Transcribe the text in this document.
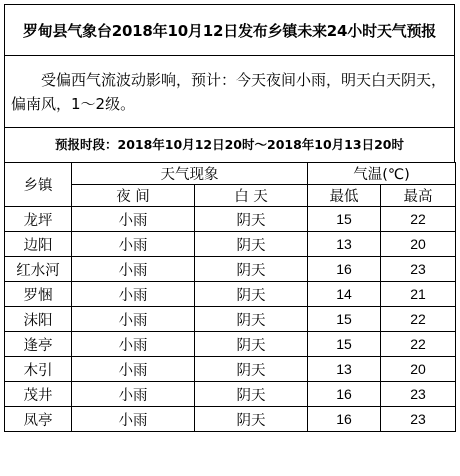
罗甸县气象台2018年10月12日发布乡镇未来24小时天气预报
受偏西气流波动影响，预计：今天夜间小雨，明天白天阴天，偏南风，1～2级。
预报时段：2018年10月12日20时～2018年10月13日20时
乡镇	天气现象		气温(℃)	
	夜 间	白 天	最低	最高
龙坪	小雨	阴天	15	22
边阳	小雨	阴天	13	20
红水河	小雨	阴天	16	23
罗悃	小雨	阴天	14	21
沫阳	小雨	阴天	15	22
逢亭	小雨	阴天	15	22
木引	小雨	阴天	13	20
茂井	小雨	阴天	16	23
凤亭	小雨	阴天	16	23
